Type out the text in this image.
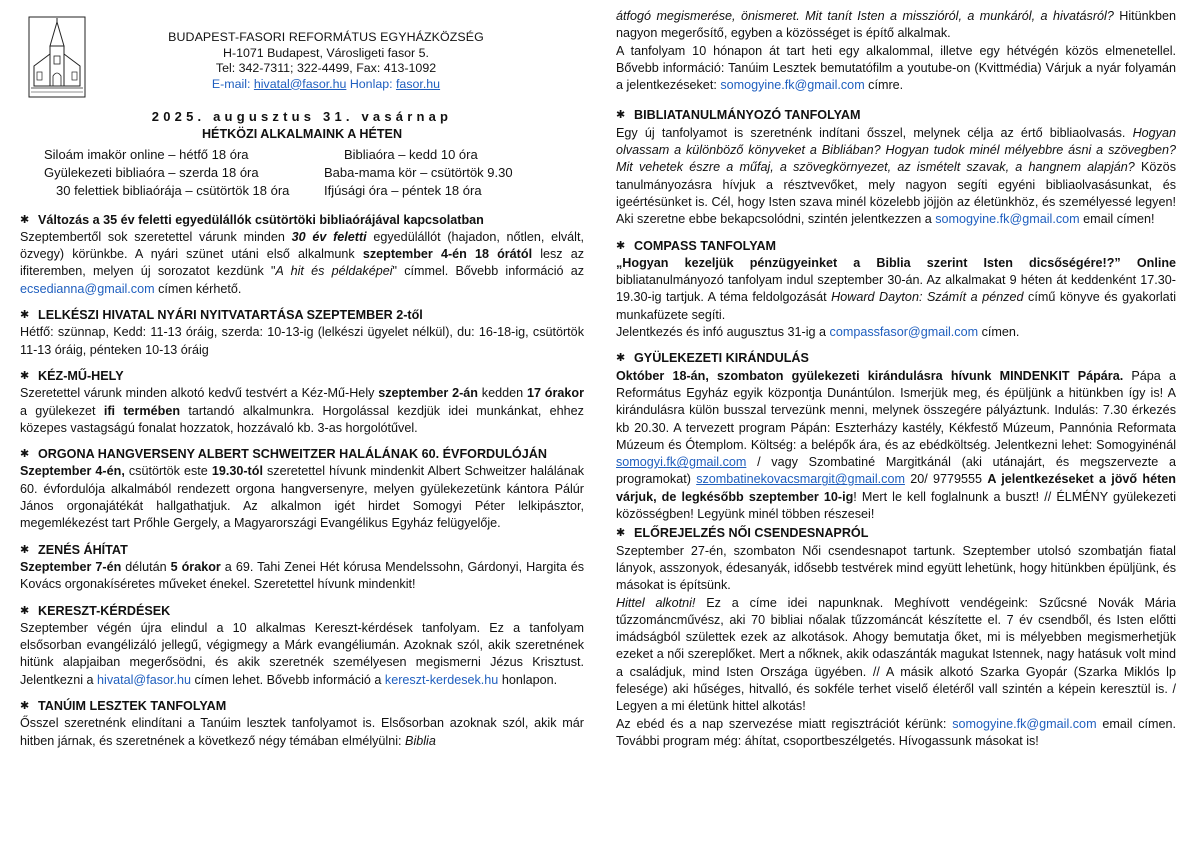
BUDAPEST-FASORI REFORMÁTUS EGYHÁZKÖZSÉG
H-1071 Budapest, Városligeti fasor 5.
Tel: 342-7311; 322-4499, Fax: 413-1092
E-mail: hivatal@fasor.hu Honlap: fasor.hu
2025. augusztus 31. vasárnap
HÉTKÖZI ALKALMAINK A HÉTEN
Siloám imakör online – hétfő 18 óra	Bibliaóra – kedd 10 óra
Gyülekezeti bibliaóra – szerda 18 óra	Baba-mama kör – csütörtök 9.30
30 felettiek bibliaórája – csütörtök 18 óra	Ifjúsági óra – péntek 18 óra
✱ Változás a 35 év feletti egyedülállók csütörtöki bibliaórájával kapcsolatban
Szeptembertől sok szeretettel várunk minden 30 év feletti egyedülállót (hajadon, nőtlen, elvált, özvegy) körünkbe. A nyári szünet utáni első alkalmunk szeptember 4-én 18 órától lesz az ifiteremben, melyen új sorozatot kezdünk "A hit és példaképei" címmel. Bővebb információ az ecsedianna@gmail.com címen kérhető.
✱ LELKÉSZI HIVATAL NYÁRI NYITVATARTÁSA SZEPTEMBER 2-től
Hétfő: szünnap, Kedd: 11-13 óráig, szerda: 10-13-ig (lelkészi ügyelet nélkül), du: 16-18-ig, csütörtök 11-13 óráig, pénteken 10-13 óráig
✱ KÉZ-MŰ-HELY
Szeretettel várunk minden alkotó kedvű testvért a Kéz-Mű-Hely szeptember 2-án kedden 17 órakor a gyülekezet ifi termében tartandó alkalmunkra. Horgolással kezdjük idei munkánkat, ehhez közepes vastagságú fonalat hozzatok, hozzávaló kb. 3-as horgolótűvel.
✱ ORGONA HANGVERSENY ALBERT SCHWEITZER HALÁLÁNAK 60. ÉVFORDULÓJÁN
Szeptember 4-én, csütörtök este 19.30-tól szeretettel hívunk mindenkit Albert Schweitzer halálának 60. évfordulója alkalmából rendezett orgona hangversenyre, melyen gyülekezetünk kántora Pálúr János orgonajátékát hallgathatjuk. Az alkalmon igét hirdet Somogyi Péter lelkipásztor, megemlékezést tart Prőhle Gergely, a Magyarországi Evangélikus Egyház felügyelője.
✱ ZENÉS ÁHÍTAT
Szeptember 7-én délután 5 órakor a 69. Tahi Zenei Hét kórusa Mendelssohn, Gárdonyi, Hargita és Kovács orgonakíséretes műveket énekel. Szeretettel hívunk mindenkit!
✱ KERESZT-KÉRDÉSEK
Szeptember végén újra elindul a 10 alkalmas Kereszt-kérdések tanfolyam. Ez a tanfolyam elsősorban evangélizáló jellegű, végigmegy a Márk evangéliumán. Azoknak szól, akik szeretnének hitünk alapjaiban megerősödni, és akik szeretnék személyesen megismerni Jézus Krisztust. Jelentkezni a hivatal@fasor.hu címen lehet. Bővebb információ a kereszt-kerdesek.hu honlapon.
✱ TANÚIM LESZTEK TANFOLYAM
Ősszel szeretnénk elindítani a Tanúim lesztek tanfolyamot is. Elsősorban azoknak szól, akik már hitben járnak, és szeretnének a következő négy témában elmélyülni: Biblia
átfogó megismerése, önismeret. Mit tanít Isten a misszióról, a munkáról, a hivatásról? Hitünkben nagyon megerősítő, egyben a közösséget is építő alkalmak.
A tanfolyam 10 hónapon át tart heti egy alkalommal, illetve egy hétvégén közös elmenetellel. Bővebb információ: Tanúim Lesztek bemutatófilm a youtube-on (Kvittmédia) Várjuk a nyár folyamán a jelentkezéseket: somogyine.fk@gmail.com címre.
✱ BIBLIATANULMÁNYOZÓ TANFOLYAM
Egy új tanfolyamot is szeretnénk indítani ősszel, melynek célja az értő bibliaolvasás. Hogyan olvassam a különböző könyveket a Bibliában? Hogyan tudok minél mélyebbre ásni a szövegben? Mit vehetek észre a műfaj, a szövegkörnyezet, az ismételt szavak, a hangnem alapján? Közös tanulmányozásra hívjuk a résztvevőket, mely nagyon segíti egyéni bibliaolvasásunkat, és igeértésünket is. Cél, hogy Isten szava minél közelebb jöjjön az életünkhöz, és személyessé legyen! Aki szeretne ebbe bekapcsolódni, szintén jelentkezzen a somogyine.fk@gmail.com email címen!
✱ COMPASS TANFOLYAM
„Hogyan kezeljük pénzügyeinket a Biblia szerint Isten dicsőségére!?” Online bibliatanulmányozó tanfolyam indul szeptember 30-án. Az alkalmakat 9 héten át keddenként 17.30-19.30-ig tartjuk. A téma feldolgozását Howard Dayton: Számít a pénzed című könyve és gyakorlati munkafüzete segíti.
Jelentkezés és infó augusztus 31-ig a compassfasor@gmail.com címen.
✱ GYÜLEKEZETI KIRÁNDULÁS
Október 18-án, szombaton gyülekezeti kirándulásra hívunk MINDENKIT Pápára. Pápa a Református Egyház egyik központja Dunántúlon. Ismerjük meg, és épüljünk a hitünkben így is! A kirándulásra külön busszal tervezünk menni, melynek összegére pályáztunk. Indulás: 7.30 érkezés kb 20.30. A tervezett program Pápán: Eszterházy kastély, Kékfestő Múzeum, Pannónia Reformata Múzeum és Ótemplom. Költség: a belépők ára, és az ebédköltség. Jelentkezni lehet: Somogyinénál somogyi.fk@gmail.com / vagy Szombatiné Margitkánál (aki utánajárt, és megszervezte a programokat) szombatinekovacsmargit@gmail.com 20/ 9779555 A jelentkezéseket a jövő héten várjuk, de legkésőbb szeptember 10-ig! Mert le kell foglalnunk a buszt! // ÉLMÉNY gyülekezeti közösségben! Legyünk minél többen részesei!
✱ ELŐREJELZÉS NŐI CSENDESNAPRÓL
Szeptember 27-én, szombaton Női csendesnapot tartunk. Szeptember utolsó szombatján fiatal lányok, asszonyok, édesanyák, idősebb testvérek mind együtt lehetünk, hogy hitünkben épüljünk, és másokat is építsünk.
Hittel alkotni! Ez a címe idei napunknak. Meghívott vendégeink: Szűcsné Novák Mária tűzzománcművész, aki 70 bibliai nőalak tűzzománcát készítette el. 7 év csendből, és Isten előtti imádságból születtek ezek az alkotások. Ahogy bemutatja őket, mi is mélyebben megismerhetjük ezeket a női szereplőket. Mert a nőknek, akik odaszánták magukat Istennek, nagy hatásuk volt mind a családjuk, mind Isten Országa ügyében. // A másik alkotó Szarka Gyopár (Szarka Miklós lp felesége) aki hűséges, hitvalló, és sokféle terhet viselő életéről vall szintén a képein keresztül is. / Legyen a mi életünk hittel alkotás!
Az ebéd és a nap szervezése miatt regisztrációt kérünk: somogyine.fk@gmail.com email címen. További program még: áhítat, csoportbeszélgetés. Hívogassunk másokat is!
